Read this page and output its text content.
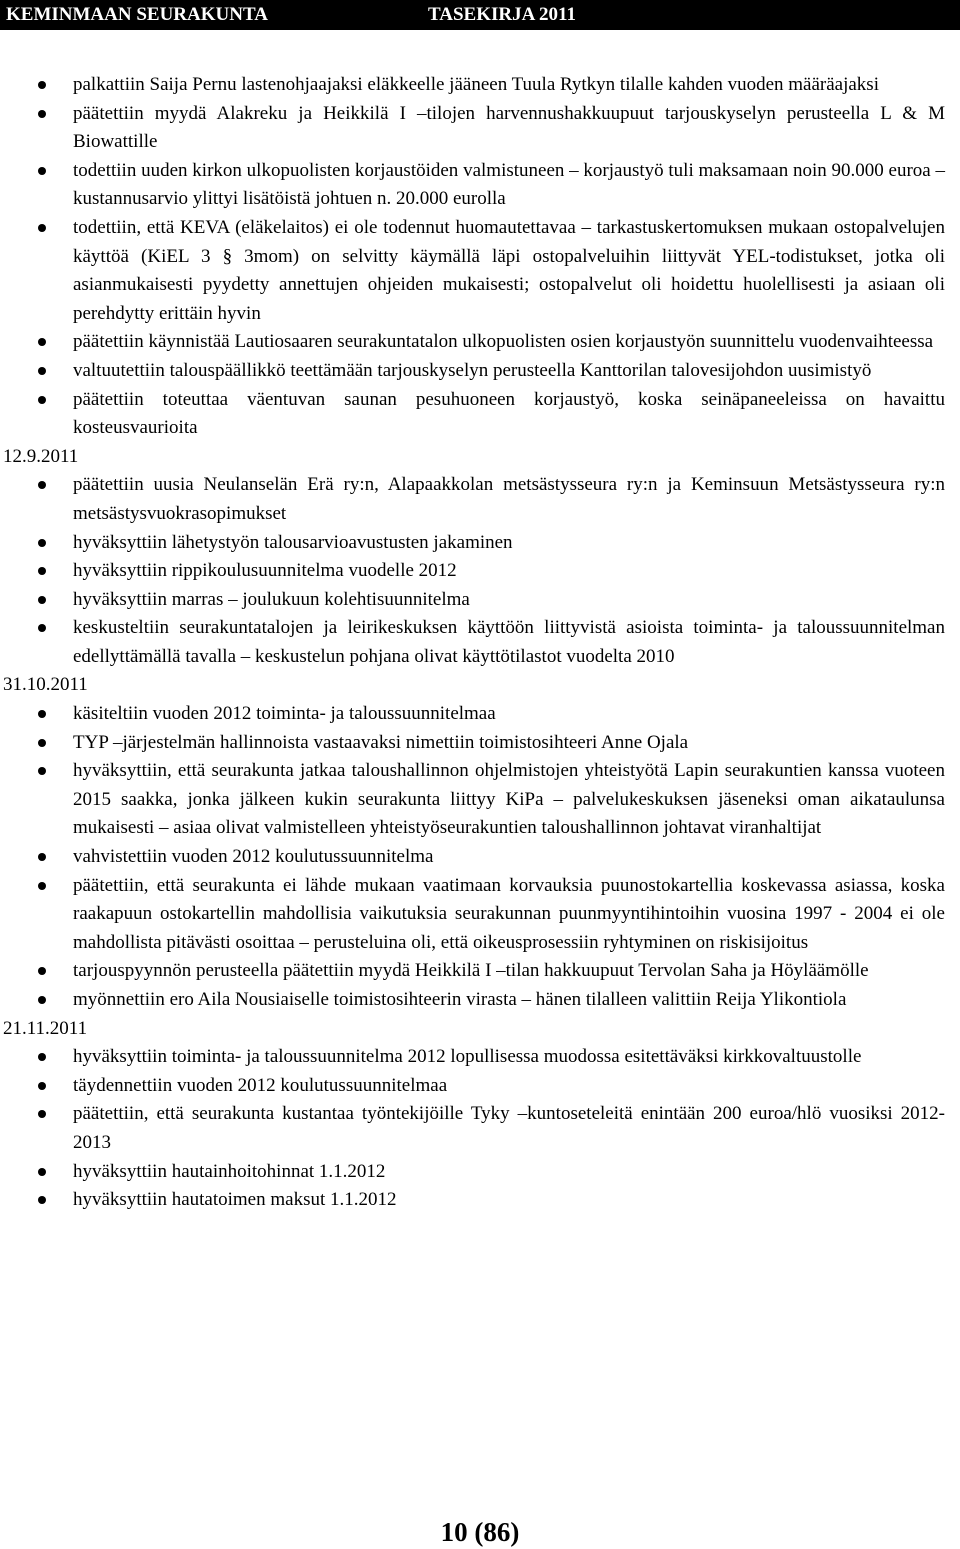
KEMINMAAN SEURAKUNTA	TASEKIRJA 2011
palkattiin Saija Pernu lastenohjaajaksi eläkkeelle jääneen Tuula Rytkyn tilalle kahden vuoden määräajaksi
päätettiin myydä Alakreku ja Heikkilä I –tilojen harvennushakkuupuut tarjouskyselyn perusteella L & M Biowattille
todettiin uuden kirkon ulkopuolisten korjaustöiden valmistuneen – korjaustyö tuli maksamaan noin 90.000 euroa – kustannusarvio ylittyi lisätöistä johtuen n. 20.000 eurolla
todettiin, että KEVA (eläkelaitos) ei ole todennut huomautettavaa – tarkastuskertomuksen mukaan ostopalvelujen käyttöä (KiEL 3 § 3mom) on selvitty käymällä läpi ostopalveluihin liittyvät YEL-todistukset, jotka oli asianmukaisesti pyydetty annettujen ohjeiden mukaisesti; ostopalvelut oli hoidettu huolellisesti ja asiaan oli perehdytty erittäin hyvin
päätettiin käynnistää Lautiosaaren seurakuntatalon ulkopuolisten osien korjaustyön suunnittelu vuodenvaihteessa
valtuutettiin talouspäällikkö teettämään tarjouskyselyn perusteella Kanttorilan talovesijohdon uusimistyö
päätettiin toteuttaa väentuvan saunan pesuhuoneen korjaustyö, koska seinäpaneeleissa on havaittu kosteusvaurioita
12.9.2011
päätettiin uusia Neulanselän Erä ry:n, Alapaakkolan metsästysseura ry:n ja Keminsuun Metsästysseura ry:n metsästysvuokrasopimukset
hyväksyttiin lähetystyön talousarvioavustusten jakaminen
hyväksyttiin rippikoulusuunnitelma vuodelle 2012
hyväksyttiin marras – joulukuun kolehtisuunnitelma
keskusteltiin seurakuntatalojen ja leirikeskuksen käyttöön liittyvistä asioista toiminta- ja taloussuunnitelman edellyttämällä tavalla – keskustelun pohjana olivat käyttötilastot vuodelta 2010
31.10.2011
käsiteltiin vuoden 2012 toiminta- ja taloussuunnitelmaa
TYP –järjestelmän hallinnoista vastaavaksi nimettiin toimistosihteeri Anne Ojala
hyväksyttiin, että seurakunta jatkaa taloushallinnon ohjelmistojen yhteistyötä Lapin seurakuntien kanssa vuoteen 2015 saakka, jonka jälkeen kukin seurakunta liittyy KiPa – palvelukeskuksen jäseneksi oman aikataulunsa mukaisesti – asiaa olivat valmistelleen yhteistyöseurakuntien taloushallinnon johtavat viranhaltijat
vahvistettiin vuoden 2012 koulutussuunnitelma
päätettiin, että seurakunta ei lähde mukaan vaatimaan korvauksia puunostokartellia koskevassa asiassa, koska raakapuun ostokartellin mahdollisia vaikutuksia seurakunnan puunmyyntihintoihin vuosina 1997 - 2004 ei ole mahdollista pitävästi osoittaa – perusteluina oli, että oikeusprosessiin ryhtyminen on riskisijoitus
tarjouspyynnön perusteella päätettiin myydä Heikkilä I –tilan hakkuupuut Tervolan Saha ja Höyläämölle
myönnettiin ero Aila Nousiaiselle toimistosihteerin virasta – hänen tilalleen valittiin Reija Ylikontiola
21.11.2011
hyväksyttiin toiminta- ja taloussuunnitelma 2012 lopullisessa muodossa esitettäväksi kirkkovaltuustolle
täydennettiin vuoden 2012 koulutussuunnitelmaa
päätettiin, että seurakunta kustantaa työntekijöille Tyky –kuntoseteleitä enintään 200 euroa/hlö vuosiksi 2012-2013
hyväksyttiin hautainhoitohinnat 1.1.2012
hyväksyttiin hautatoimen maksut 1.1.2012
10 (86)
